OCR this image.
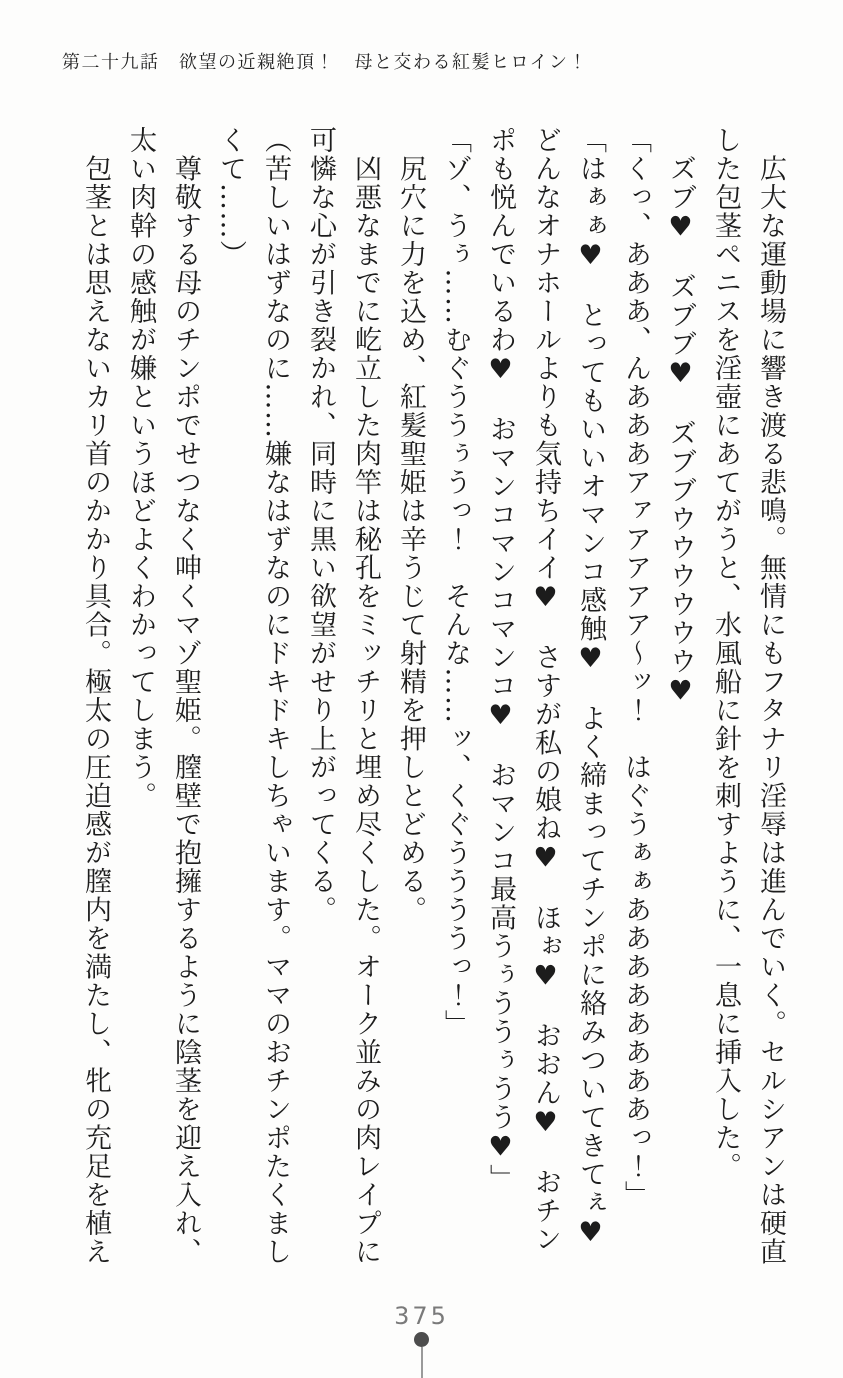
第二十九話　欲望の近親絶頂！　母と交わる紅髪ヒロイン！

　広大な運動場に響き渡る悲鳴。無情にもフタナリ淫辱は進んでいく。セルシアンは硬直した包茎ペニスを淫壺にあてがうと、水風船に針を刺すように、一息に挿入した。

　ズブ♥　ズブブ♥　ズブブウウウウウウ♥

「くっ、あああ、んあああアァアアアア～ッ！　はぐうぁぁああああああああっ！」

「はぁぁ♥　とってもいいオマンコ感触♥　よく締まってチンポに絡みついてきてぇ♥どんなオナホールよりも気持ちイイ♥　さすが私の娘ね♥　ほぉ♥　おおん♥　おチンポも悦んでいるわ♥　おマンコマンコマンコ♥　おマンコ最高うぅううぅうう♥」

「ゾ、うぅ……むぐううぅうっ！　そんな……ッ、くぐううううっ！」

　尻穴に力を込め、紅髪聖姫は辛うじて射精を押しとどめる。

　凶悪なまでに屹立した肉竿は秘孔をミッチリと埋め尽くした。オーク並みの肉レイプに可憐な心が引き裂かれ、同時に黒い欲望がせり上がってくる。

（苦しいはずなのに……嫌なはずなのにドキドキしちゃいます。ママのおチンポたくましくて……）

　尊敬する母のチンポでせつなく呻くマゾ聖姫。膣壁で抱擁するように陰茎を迎え入れ、太い肉幹の感触が嫌というほどよくわかってしまう。

　包茎とは思えないカリ首のかかり具合。極太の圧迫感が膣内を満たし、牝の充足を植え

375
